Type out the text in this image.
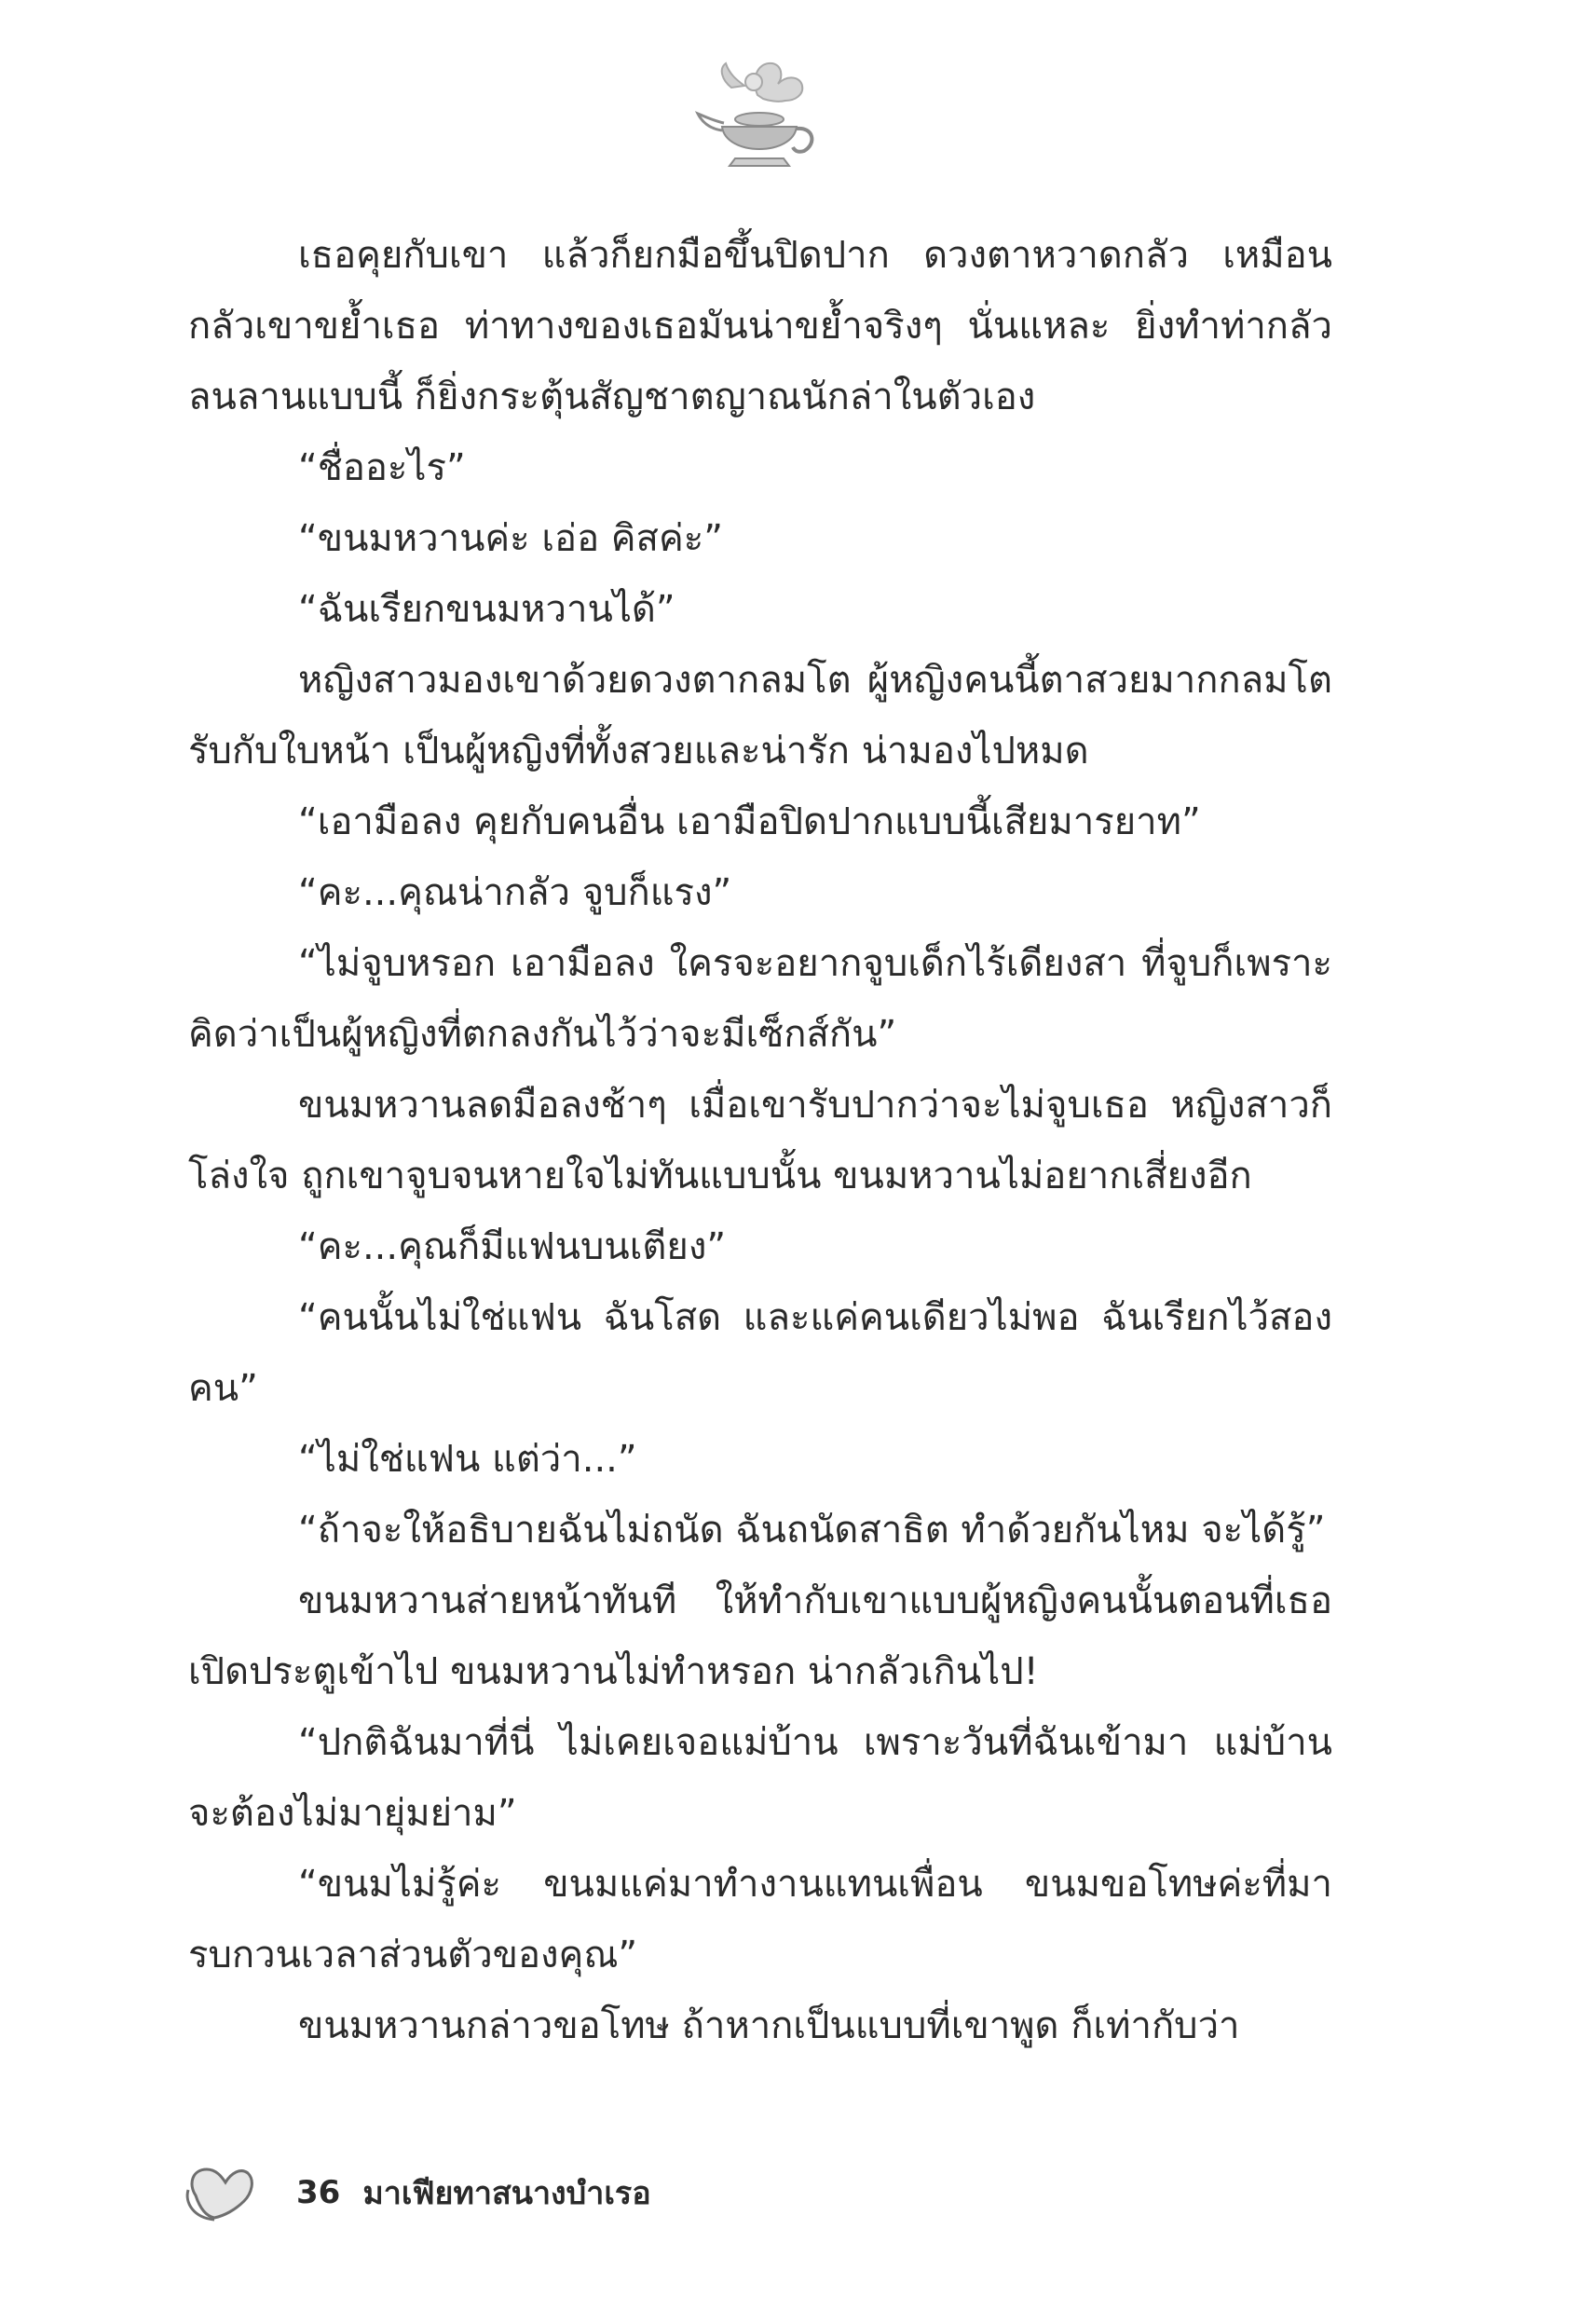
เธอคุยกับเขา แล้วก็ยกมือขึ้นปิดปาก ดวงตาหวาดกลัว เหมือนกลัวเขาขย้ำเธอ ท่าทางของเธอมันน่าขย้ำจริงๆ นั่นแหละ ยิ่งทำท่ากลัวลนลานแบบนี้ ก็ยิ่งกระตุ้นสัญชาตญาณนักล่าในตัวเอง

“ชื่ออะไร”

“ขนมหวานค่ะ เอ่อ คิสค่ะ”

“ฉันเรียกขนมหวานได้”

หญิงสาวมองเขาด้วยดวงตากลมโต ผู้หญิงคนนี้ตาสวยมากกลมโตรับกับใบหน้า เป็นผู้หญิงที่ทั้งสวยและน่ารัก น่ามองไปหมด

“เอามือลง คุยกับคนอื่น เอามือปิดปากแบบนี้เสียมารยาท”

“คะ...คุณน่ากลัว จูบก็แรง”

“ไม่จูบหรอก เอามือลง ใครจะอยากจูบเด็กไร้เดียงสา ที่จูบก็เพราะคิดว่าเป็นผู้หญิงที่ตกลงกันไว้ว่าจะมีเซ็กส์กัน”

ขนมหวานลดมือลงช้าๆ เมื่อเขารับปากว่าจะไม่จูบเธอ หญิงสาวก็โล่งใจ ถูกเขาจูบจนหายใจไม่ทันแบบนั้น ขนมหวานไม่อยากเสี่ยงอีก

“คะ...คุณก็มีแฟนบนเตียง”

“คนนั้นไม่ใช่แฟน ฉันโสด และแค่คนเดียวไม่พอ ฉันเรียกไว้สองคน”

“ไม่ใช่แฟน แต่ว่า...”

“ถ้าจะให้อธิบายฉันไม่ถนัด ฉันถนัดสาธิต ทำด้วยกันไหม จะได้รู้”

ขนมหวานส่ายหน้าทันที ให้ทำกับเขาแบบผู้หญิงคนนั้นตอนที่เธอเปิดประตูเข้าไป ขนมหวานไม่ทำหรอก น่ากลัวเกินไป!

“ปกติฉันมาที่นี่ ไม่เคยเจอแม่บ้าน เพราะวันที่ฉันเข้ามา แม่บ้านจะต้องไม่มายุ่มย่าม”

“ขนมไม่รู้ค่ะ ขนมแค่มาทำงานแทนเพื่อน ขนมขอโทษค่ะที่มารบกวนเวลาส่วนตัวของคุณ”

ขนมหวานกล่าวขอโทษ ถ้าหากเป็นแบบที่เขาพูด ก็เท่ากับว่า

36 มาเฟียทาสนางบำเรอ
